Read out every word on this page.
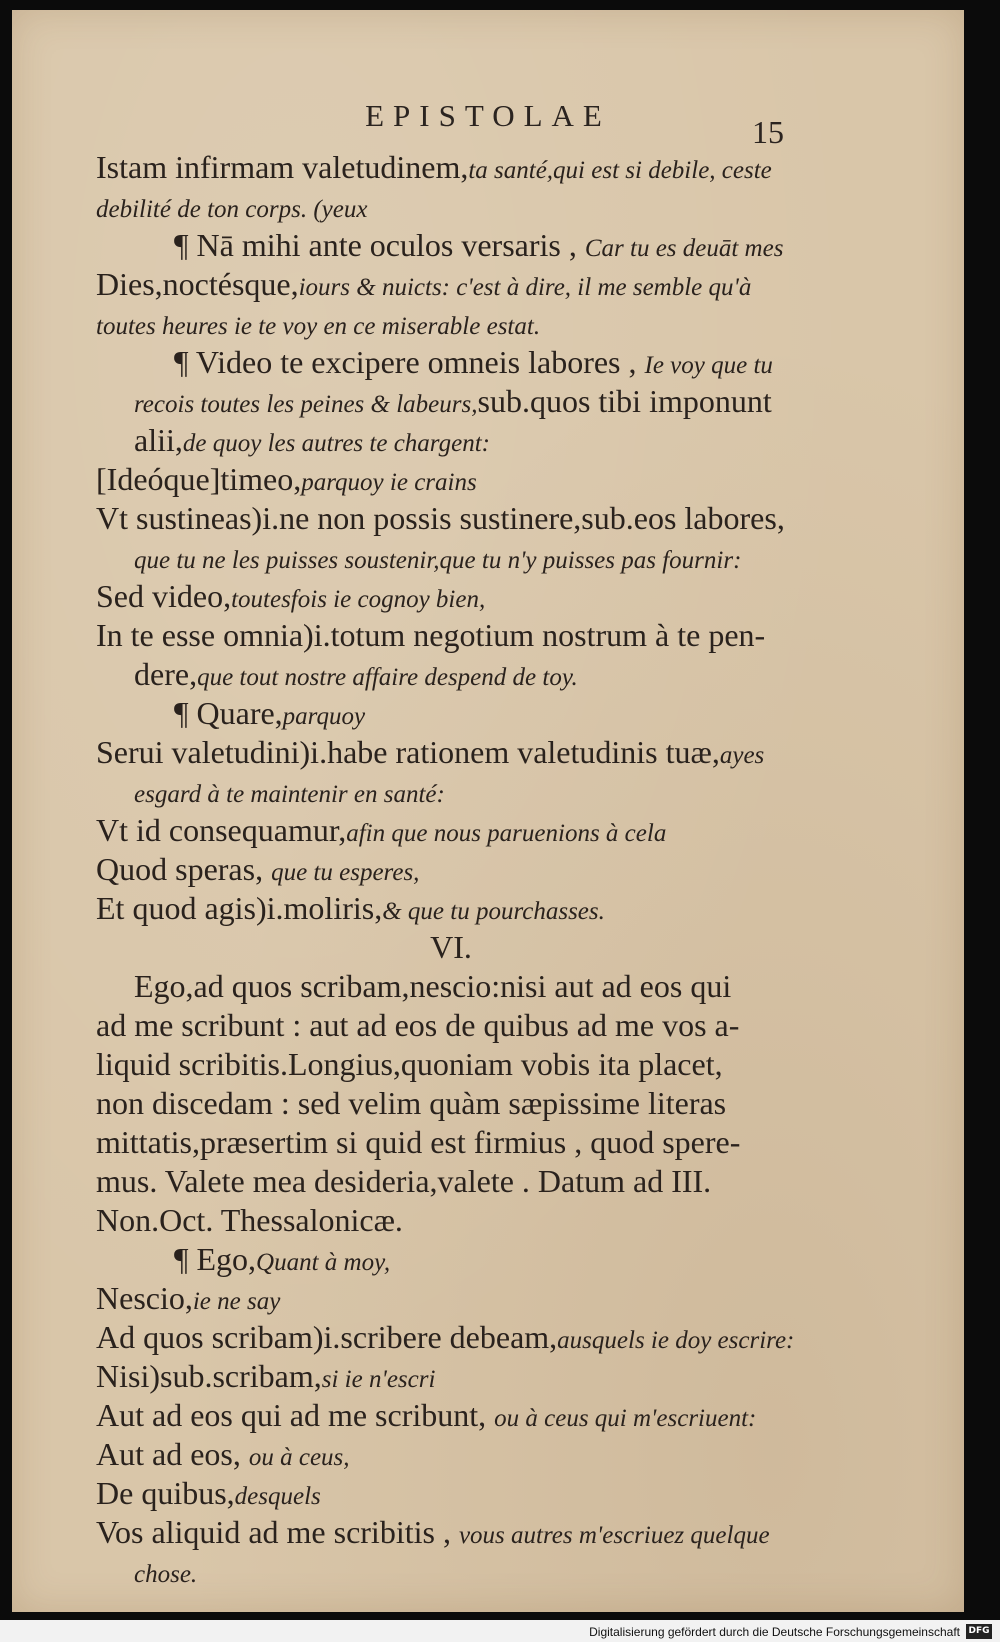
EPISTOLAE	15
Istam infirmam valetudinem,ta santé,qui est si debile, ceste
debilité de ton corps. (yeux
¶ Nā mihi ante oculos versaris , Car tu es deuāt mes
Dies,noctésque,iours & nuicts: c'est à dire, il me semble qu'à
toutes heures ie te voy en ce miserable estat.
¶ Video te excipere omneis labores , Ie voy que tu
recois toutes les peines & labeurs,sub.quos tibi imponunt
alii,de quoy les autres te chargent:
[Ideóque]timeo,parquoy ie crains
Vt sustineas)i.ne non possis sustinere,sub.eos labores,
que tu ne les puisses soustenir,que tu n'y puisses pas fournir:
Sed video,toutesfois ie cognoy bien,
In te esse omnia)i.totum negotium nostrum à te pen-
dere,que tout nostre affaire despend de toy.
¶ Quare,parquoy
Serui valetudini)i.habe rationem valetudinis tuæ,ayes
esgard à te maintenir en santé:
Vt id consequamur,afin que nous paruenions à cela
Quod speras, que tu esperes,
Et quod agis)i.moliris,& que tu pourchasses.
VI.
Ego,ad quos scribam,nescio:nisi aut ad eos qui
ad me scribunt : aut ad eos de quibus ad me vos a-
liquid scribitis.Longius,quoniam vobis ita placet,
non discedam : sed velim quàm sæpissime literas
mittatis,præsertim si quid est firmius , quod spere-
mus. Valete mea desideria,valete . Datum ad III.
Non.Oct. Thessalonicæ.
¶ Ego,Quant à moy,
Nescio,ie ne say
Ad quos scribam)i.scribere debeam,ausquels ie doy escrire:
Nisi)sub.scribam,si ie n'escri
Aut ad eos qui ad me scribunt, ou à ceus qui m'escriuent:
Aut ad eos, ou à ceus,
De quibus,desquels
Vos aliquid ad me scribitis , vous autres m'escriuez quelque
chose.
Digitalisierung gefördert durch die Deutsche Forschungsgemeinschaft DFG
